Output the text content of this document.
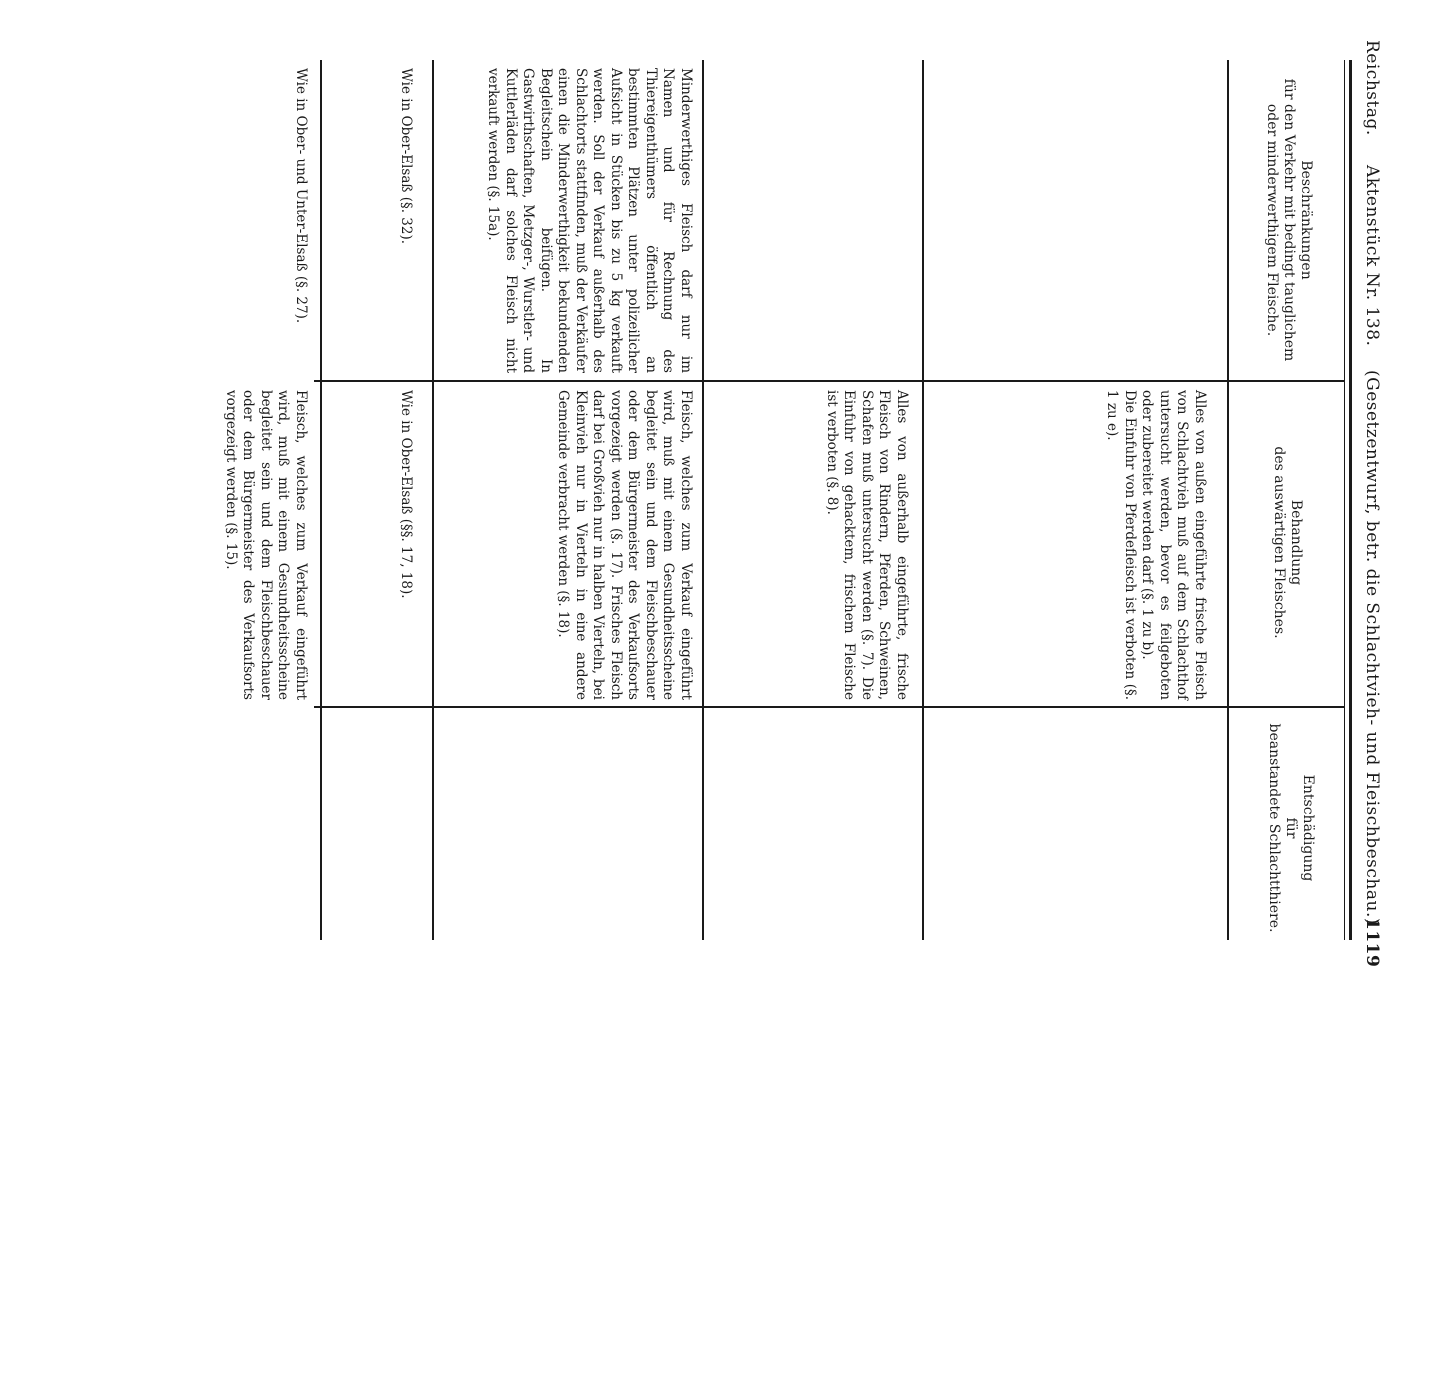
Reichstag.
Aktenstück Nr. 138.
(Gesetzentwurf, betr. die Schlachtvieh- und Fleischbeschau.)
1119
Beschränkungen
für den Verkehr mit bedingt tauglichem
oder minderwerthigem Fleische.
Behandlung
des auswärtigen Fleisches.
Entschädigung
für
beanstandete Schlachtthiere.
Alles von außen eingeführte frische Fleisch von Schlachtvieh muß auf dem Schlachthof untersucht werden, bevor es feilgeboten oder zubereitet werden darf (§. 1 zu b).
Die Einfuhr von Pferdefleisch ist verboten (§. 1 zu e).
Alles von außerhalb eingeführte, frische Fleisch von Rindern, Pferden, Schweinen, Schafen muß untersucht werden (§. 7). Die Einfuhr von gehacktem, frischem Fleische ist verboten (§. 8).
Minderwerthiges Fleisch darf nur im Namen und für Rechnung des Thiereigenthümers öffentlich an bestimmten Plätzen unter polizeilicher Aufsicht in Stücken bis zu 5 kg verkauft werden. Soll der Verkauf außerhalb des Schlachtorts stattfinden, muß der Verkäufer einen die Minderwerthigkeit bekundenden Begleitschein beifügen. In Gastwirthschaften, Metzger-, Wurstler- und Kuttlerläden darf solches Fleisch nicht verkauft werden (§. 15a).
Fleisch, welches zum Verkauf eingeführt wird, muß mit einem Gesundheitsscheine begleitet sein und dem Fleischbeschauer oder dem Bürgermeister des Verkaufsorts vorgezeigt werden (§. 17). Frisches Fleisch darf bei Großvieh nur in halben Vierteln, bei Kleinvieh nur in Vierteln in eine andere Gemeinde verbracht werden (§. 18).
Wie in Ober-Elsaß (§. 32).
Wie in Ober-Elsaß (§§. 17, 18).
Wie in Ober- und Unter-Elsaß (§. 27).
Fleisch, welches zum Verkauf eingeführt wird, muß mit einem Gesundheitsscheine begleitet sein und dem Fleischbeschauer oder dem Bürgermeister des Verkaufsorts vorgezeigt werden (§. 15).
